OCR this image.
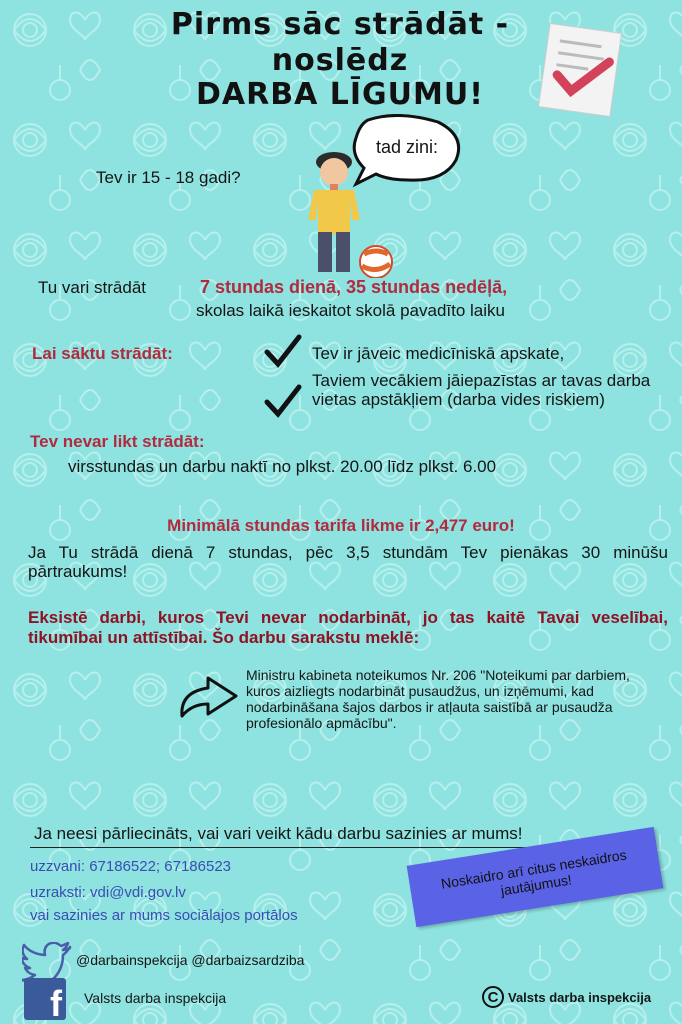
Pirms sāc strādāt -
noslēdz
DARBA LĪGUMU!
tad zini:
Tev ir 15 - 18 gadi?
Tu vari strādāt	7 stundas dienā, 35 stundas nedēļā,
skolas laikā ieskaitot skolā pavadīto laiku
Lai sāktu strādāt:	Tev ir jāveic medicīniskā apskate,
Taviem vecākiem jāiepazīstas ar tavas darba vietas apstākļiem (darba vides riskiem)
Tev nevar likt strādāt:
virsstundas un darbu naktī no plkst. 20.00 līdz plkst. 6.00
Minimālā stundas tarifa likme ir 2,477 euro!
Ja Tu strādā dienā 7 stundas, pēc 3,5 stundām Tev pienākas 30 minūšu pārtraukums!
Eksistē darbi, kuros Tevi nevar nodarbināt, jo tas kaitē Tavai veselībai, tikumībai un attīstībai. Šo darbu sarakstu meklē:
Ministru kabineta noteikumos Nr. 206 "Noteikumi par darbiem, kuros aizliegts nodarbināt pusaudžus, un izņēmumi, kad nodarbināšana šajos darbos ir atļauta saistībā ar pusaudža profesionālo apmācību".
Ja neesi pārliecināts, vai vari veikt kādu darbu sazinies ar mums!
uzzvani: 67186522; 67186523
uzraksti: vdi@vdi.gov.lv
vai sazinies ar mums sociālajos portālos
Noskaidro arī citus neskaidros jautājumus!
@darbainspekcija @darbaizsardziba
f Valsts darba inspekcija	C Valsts darba inspekcija
